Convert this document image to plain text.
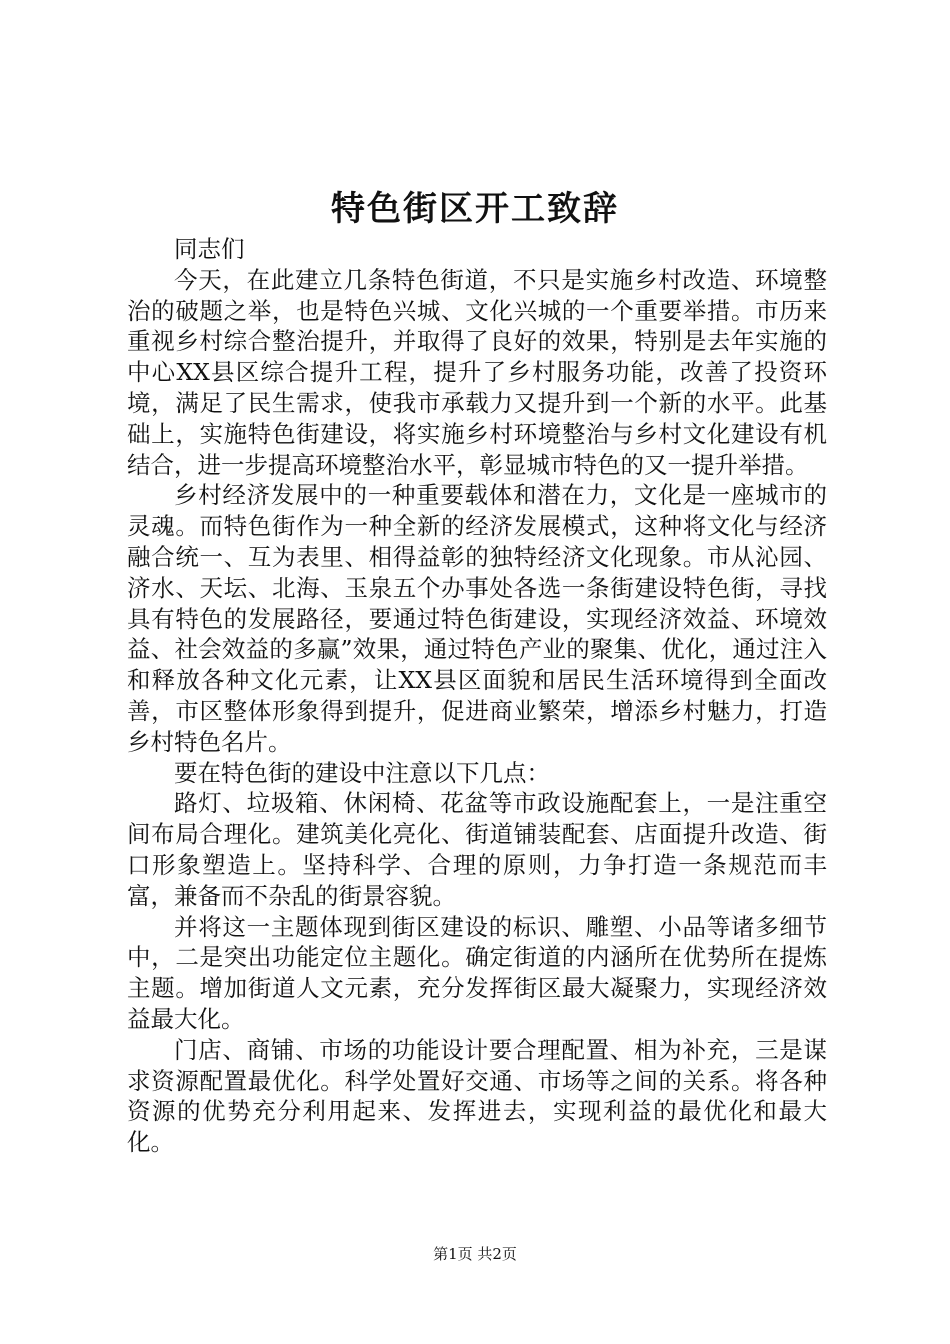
特色街区开工致辞

同志们

今天，在此建立几条特色街道，不只是实施乡村改造、环境整治的破题之举，也是特色兴城、文化兴城的一个重要举措。市历来重视乡村综合整治提升，并取得了良好的效果，特别是去年实施的中心XX县区综合提升工程，提升了乡村服务功能，改善了投资环境，满足了民生需求，使我市承载力又提升到一个新的水平。此基础上，实施特色街建设，将实施乡村环境整治与乡村文化建设有机结合，进一步提高环境整治水平，彰显城市特色的又一提升举措。

乡村经济发展中的一种重要载体和潜在力，文化是一座城市的灵魂。而特色街作为一种全新的经济发展模式，这种将文化与经济融合统一、互为表里、相得益彰的独特经济文化现象。市从沁园、济水、天坛、北海、玉泉五个办事处各选一条街建设特色街，寻找具有特色的发展路径，要通过特色街建设，实现经济效益、环境效益、社会效益的多赢”效果，通过特色产业的聚集、优化，通过注入和释放各种文化元素，让XX县区面貌和居民生活环境得到全面改善，市区整体形象得到提升，促进商业繁荣，增添乡村魅力，打造乡村特色名片。

要在特色街的建设中注意以下几点：

路灯、垃圾箱、休闲椅、花盆等市政设施配套上，一是注重空间布局合理化。建筑美化亮化、街道铺装配套、店面提升改造、街口形象塑造上。坚持科学、合理的原则，力争打造一条规范而丰富，兼备而不杂乱的街景容貌。

并将这一主题体现到街区建设的标识、雕塑、小品等诸多细节中，二是突出功能定位主题化。确定街道的内涵所在优势所在提炼主题。增加街道人文元素，充分发挥街区最大凝聚力，实现经济效益最大化。

门店、商铺、市场的功能设计要合理配置、相为补充，三是谋求资源配置最优化。科学处置好交通、市场等之间的关系。将各种资源的优势充分利用起来、发挥进去，实现利益的最优化和最大化。

第1页 共2页
